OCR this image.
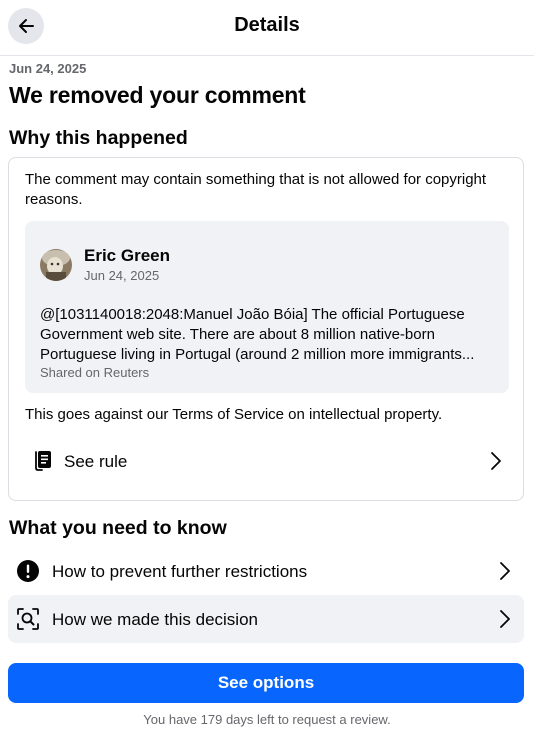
Details
Jun 24, 2025
We removed your comment
Why this happened
The comment may contain something that is not allowed for copyright reasons.
Eric Green
Jun 24, 2025
@[1031140018:2048:Manuel João Bóia] The official Portuguese
Government web site. There are about 8 million native-born
Portuguese living in Portugal (around 2 million more immigrants...
Shared on Reuters
This goes against our Terms of Service on intellectual property.
See rule
What you need to know
How to prevent further restrictions
How we made this decision
See options
You have 179 days left to request a review.
